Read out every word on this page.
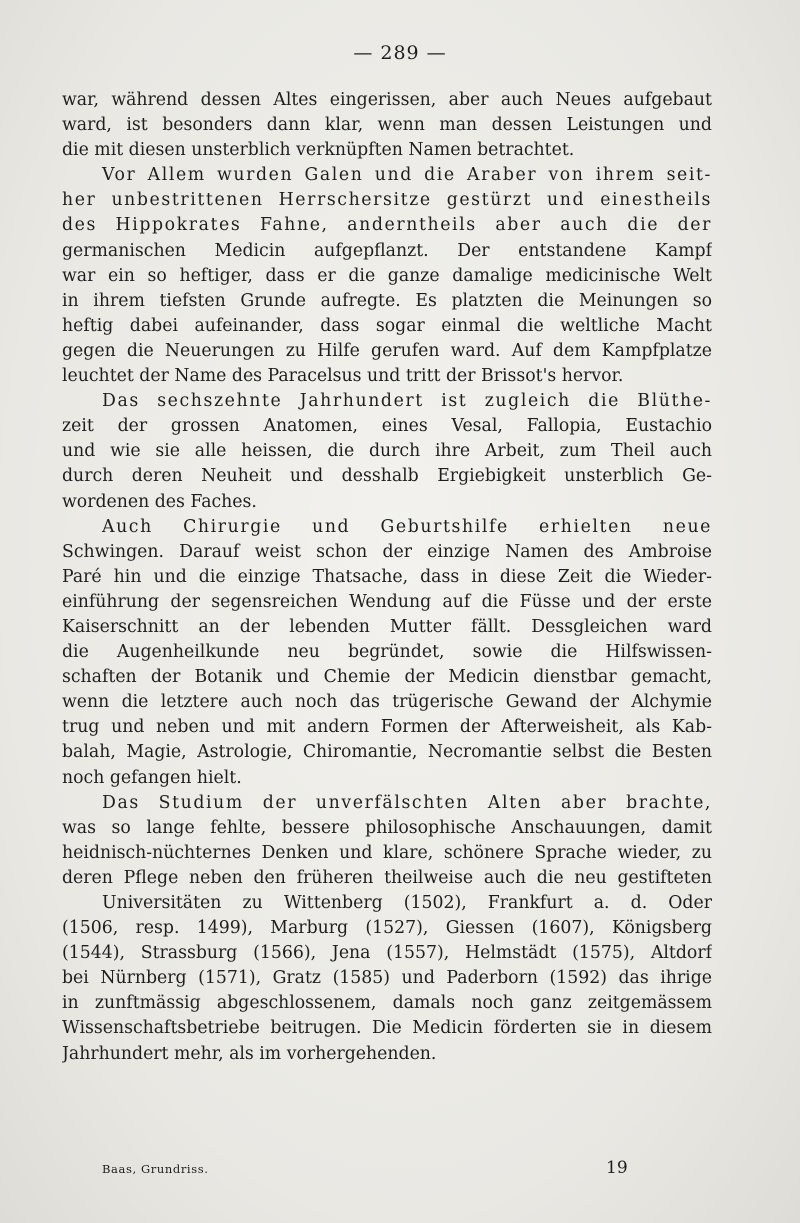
— 289 —
war, während dessen Altes eingerissen, aber auch Neues aufgebaut
ward, ist besonders dann klar, wenn man dessen Leistungen und
die mit diesen unsterblich verknüpften Namen betrachtet.
Vor Allem wurden Galen und die Araber von ihrem seit-
her unbestrittenen Herrschersitze gestürzt und einestheils
des Hippokrates Fahne, anderntheils aber auch die der
germanischen Medicin aufgepflanzt. Der entstandene Kampf
war ein so heftiger, dass er die ganze damalige medicinische Welt
in ihrem tiefsten Grunde aufregte. Es platzten die Meinungen so
heftig dabei aufeinander, dass sogar einmal die weltliche Macht
gegen die Neuerungen zu Hilfe gerufen ward. Auf dem Kampfplatze
leuchtet der Name des Paracelsus und tritt der Brissot's hervor.
Das sechszehnte Jahrhundert ist zugleich die Blüthe-
zeit der grossen Anatomen, eines Vesal, Fallopia, Eustachio
und wie sie alle heissen, die durch ihre Arbeit, zum Theil auch
durch deren Neuheit und desshalb Ergiebigkeit unsterblich Ge-
wordenen des Faches.
Auch Chirurgie und Geburtshilfe erhielten neue
Schwingen. Darauf weist schon der einzige Namen des Ambroise
Paré hin und die einzige Thatsache, dass in diese Zeit die Wieder-
einführung der segensreichen Wendung auf die Füsse und der erste
Kaiserschnitt an der lebenden Mutter fällt. Dessgleichen ward
die Augenheilkunde neu begründet, sowie die Hilfswissen-
schaften der Botanik und Chemie der Medicin dienstbar gemacht,
wenn die letztere auch noch das trügerische Gewand der Alchymie
trug und neben und mit andern Formen der Afterweisheit, als Kab-
balah, Magie, Astrologie, Chiromantie, Necromantie selbst die Besten
noch gefangen hielt.
Das Studium der unverfälschten Alten aber brachte,
was so lange fehlte, bessere philosophische Anschauungen, damit
heidnisch-nüchternes Denken und klare, schönere Sprache wieder, zu
deren Pflege neben den früheren theilweise auch die neu gestifteten
Universitäten zu Wittenberg (1502), Frankfurt a. d. Oder
(1506, resp. 1499), Marburg (1527), Giessen (1607), Königsberg
(1544), Strassburg (1566), Jena (1557), Helmstädt (1575), Altdorf
bei Nürnberg (1571), Gratz (1585) und Paderborn (1592) das ihrige
in zunftmässig abgeschlossenem, damals noch ganz zeitgemässem
Wissenschaftsbetriebe beitrugen. Die Medicin förderten sie in diesem
Jahrhundert mehr, als im vorhergehenden.
Baas, Grundriss.	19
